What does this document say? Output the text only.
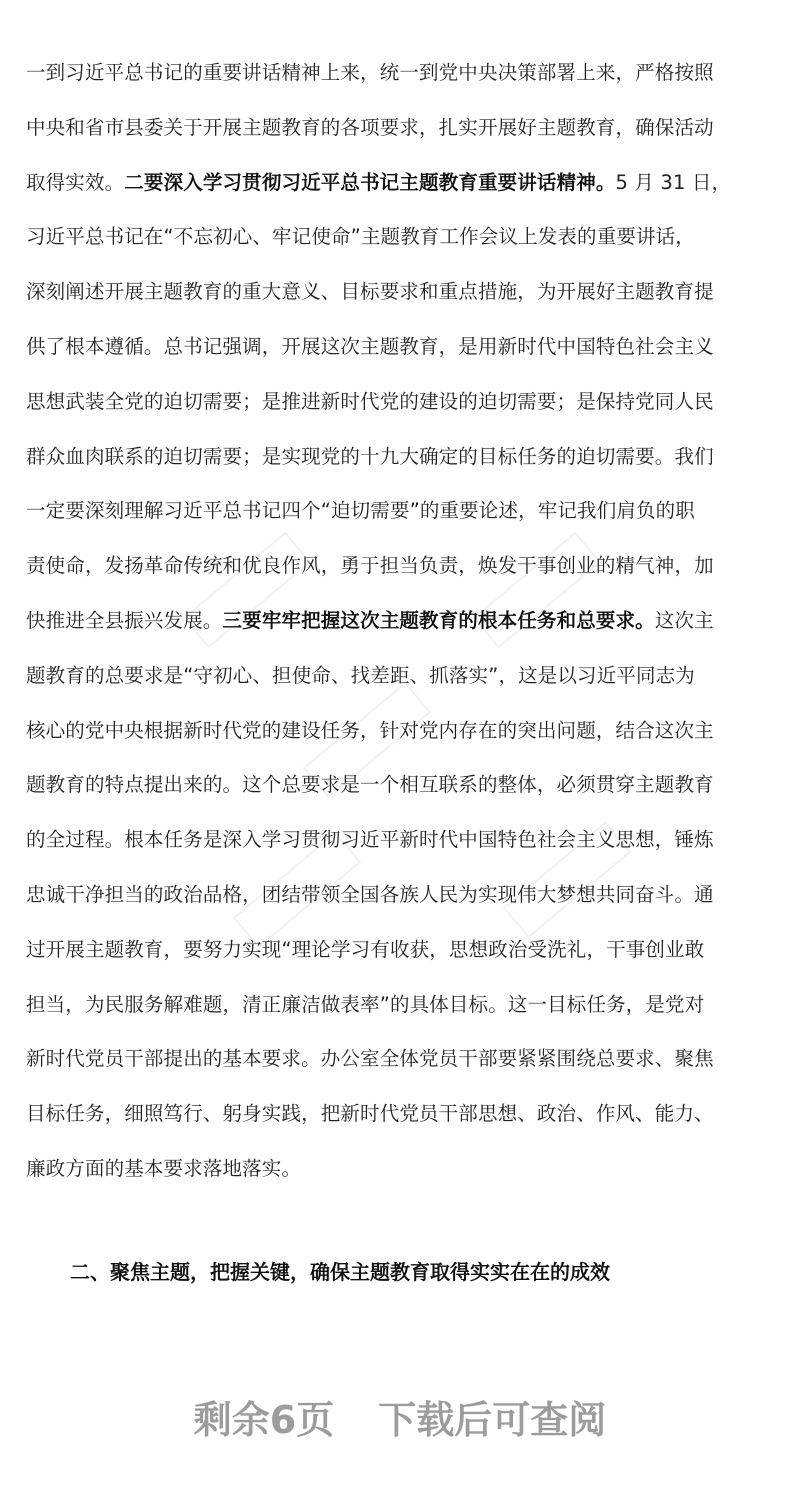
一到习近平总书记的重要讲话精神上来，统一到党中央决策部署上来，严格按照
中央和省市县委关于开展主题教育的各项要求，扎实开展好主题教育，确保活动
取得实效。二要深入学习贯彻习近平总书记主题教育重要讲话精神。5 月 31 日，
习近平总书记在“不忘初心、牢记使命”主题教育工作会议上发表的重要讲话，
深刻阐述开展主题教育的重大意义、目标要求和重点措施，为开展好主题教育提
供了根本遵循。总书记强调，开展这次主题教育，是用新时代中国特色社会主义
思想武装全党的迫切需要；是推进新时代党的建设的迫切需要；是保持党同人民
群众血肉联系的迫切需要；是实现党的十九大确定的目标任务的迫切需要。我们
一定要深刻理解习近平总书记四个“迫切需要”的重要论述，牢记我们肩负的职
责使命，发扬革命传统和优良作风，勇于担当负责，焕发干事创业的精气神，加
快推进全县振兴发展。三要牢牢把握这次主题教育的根本任务和总要求。这次主
题教育的总要求是“守初心、担使命、找差距、抓落实”，这是以习近平同志为
核心的党中央根据新时代党的建设任务，针对党内存在的突出问题，结合这次主
题教育的特点提出来的。这个总要求是一个相互联系的整体，必须贯穿主题教育
的全过程。根本任务是深入学习贯彻习近平新时代中国特色社会主义思想，锤炼
忠诚干净担当的政治品格，团结带领全国各族人民为实现伟大梦想共同奋斗。通
过开展主题教育，要努力实现“理论学习有收获，思想政治受洗礼，干事创业敢
担当，为民服务解难题，清正廉洁做表率”的具体目标。这一目标任务，是党对
新时代党员干部提出的基本要求。办公室全体党员干部要紧紧围绕总要求、聚焦
目标任务，细照笃行、躬身实践，把新时代党员干部思想、政治、作风、能力、
廉政方面的基本要求落地落实。
二、聚焦主题，把握关键，确保主题教育取得实实在在的成效
剩余6页 下载后可查阅
